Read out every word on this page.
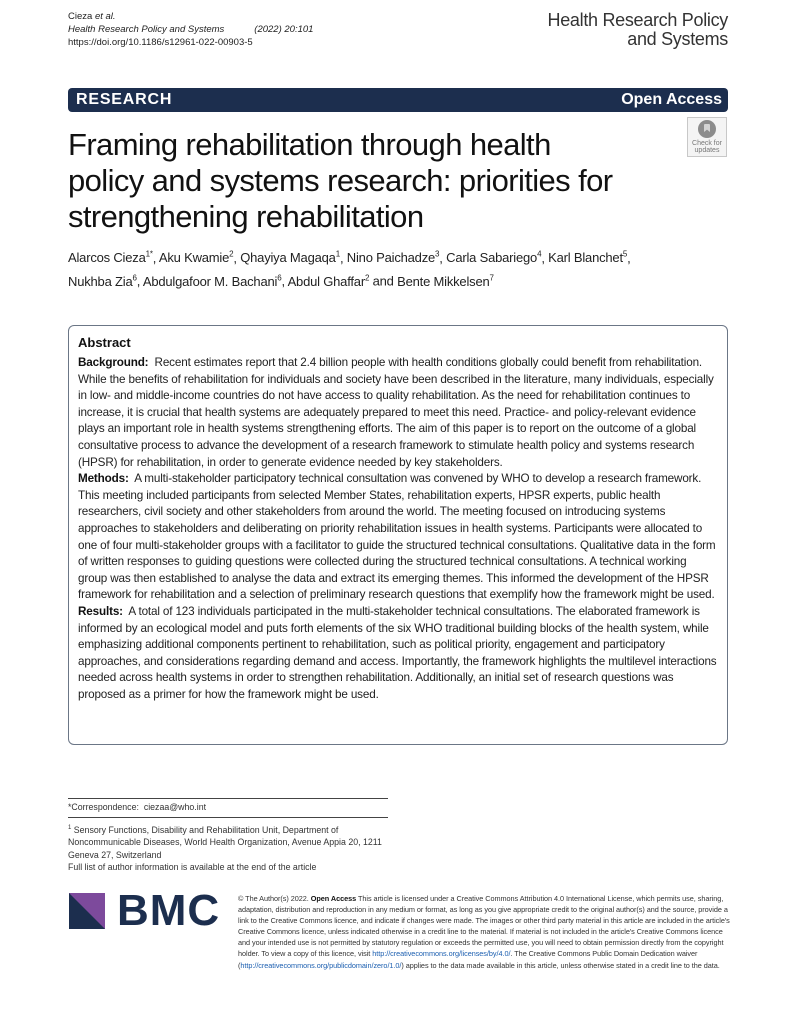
Cieza et al.
Health Research Policy and Systems	(2022) 20:101
https://doi.org/10.1186/s12961-022-00903-5
Health Research Policy
and Systems
RESEARCH	Open Access
Check for
updates
Framing rehabilitation through health policy and systems research: priorities for strengthening rehabilitation
Alarcos Cieza$^{1*}$, Aku Kwamie$^2$, Qhayiya Magaqa$^1$, Nino Paichadze$^3$, Carla Sabariego$^4$, Karl Blanchet$^5$,
Nukhba Zia$^6$, Abdulgafoor M. Bachani$^6$, Abdul Ghaffar$^2$ and Bente Mikkelsen$^7$
Abstract

Background: Recent estimates report that 2.4 billion people with health conditions globally could benefit from rehabilitation. While the benefits of rehabilitation for individuals and society have been described in the literature, many individuals, especially in low- and middle-income countries do not have access to quality rehabilitation. As the need for rehabilitation continues to increase, it is crucial that health systems are adequately prepared to meet this need. Practice- and policy-relevant evidence plays an important role in health systems strengthening efforts. The aim of this paper is to report on the outcome of a global consultative process to advance the development of a research framework to stimulate health policy and systems research (HPSR) for rehabilitation, in order to generate evidence needed by key stakeholders.

Methods: A multi-stakeholder participatory technical consultation was convened by WHO to develop a research framework. This meeting included participants from selected Member States, rehabilitation experts, HPSR experts, public health researchers, civil society and other stakeholders from around the world. The meeting focused on introducing systems approaches to stakeholders and deliberating on priority rehabilitation issues in health systems. Participants were allocated to one of four multi-stakeholder groups with a facilitator to guide the structured technical consultations. Qualitative data in the form of written responses to guiding questions were collected during the structured technical consultations. A technical working group was then established to analyse the data and extract its emerging themes. This informed the development of the HPSR framework for rehabilitation and a selection of preliminary research questions that exemplify how the framework might be used.

Results: A total of 123 individuals participated in the multi-stakeholder technical consultations. The elaborated framework is informed by an ecological model and puts forth elements of the six WHO traditional building blocks of the health system, while emphasizing additional components pertinent to rehabilitation, such as political priority, engagement and participatory approaches, and considerations regarding demand and access. Importantly, the framework highlights the multilevel interactions needed across health systems in order to strengthen rehabilitation. Additionally, an initial set of research questions was proposed as a primer for how the framework might be used.

*Correspondence: ciezaa@who.int
$^1$ Sensory Functions, Disability and Rehabilitation Unit, Department of Noncommunicable Diseases, World Health Organization, Avenue Appia 20, 1211 Geneva 27, Switzerland
Full list of author information is available at the end of the article
BMC © The Author(s) 2022. Open Access This article is licensed under a Creative Commons Attribution 4.0 International License, which permits use, sharing, adaptation, distribution and reproduction in any medium or format, as long as you give appropriate credit to the original author(s) and the source, provide a link to the Creative Commons licence, and indicate if changes were made. The images or other third party material in this article are included in the article's Creative Commons licence, unless indicated otherwise in a credit line to the material. If material is not included in the article's Creative Commons licence and your intended use is not permitted by statutory regulation or exceeds the permitted use, you will need to obtain permission directly from the copyright holder. To view a copy of this licence, visit http://creativecommons.org/licenses/by/4.0/. The Creative Commons Public Domain Dedication waiver (http://creativecommons.org/publicdomain/zero/1.0/) applies to the data made available in this article, unless otherwise stated in a credit line to the data.
